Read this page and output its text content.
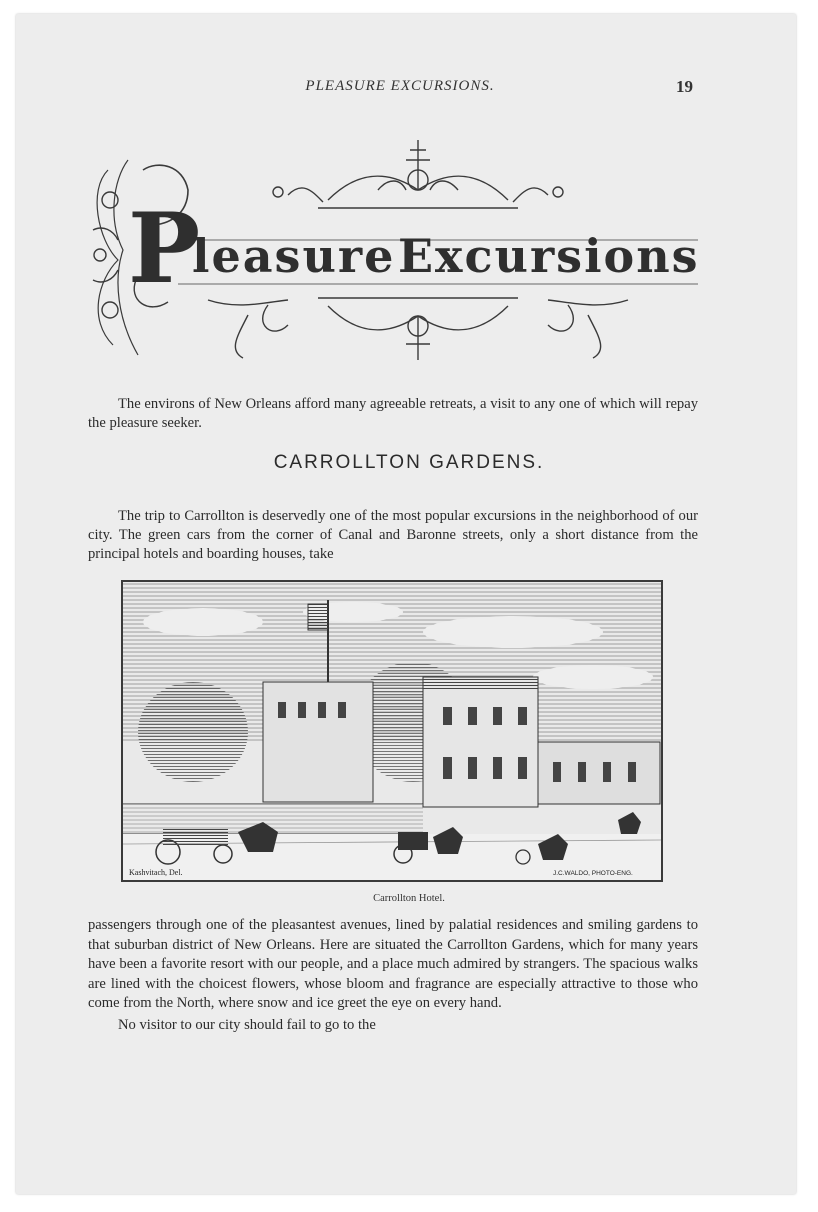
PLEASURE EXCURSIONS.	19
P
leasure Excursions

The environs of New Orleans afford many agreeable retreats, a visit to any one of which will repay the pleasure seeker.

CARROLLTON GARDENS.

The trip to Carrollton is deservedly one of the most popular excursions in the neighborhood of our city. The green cars from the corner of Canal and Baronne streets, only a short distance from the principal hotels and boarding houses, take

Kashvitach, Del.	J.C.WALDO, PHOTO-ENG.
Carrollton Hotel.

passengers through one of the pleasantest avenues, lined by palatial residences and smiling gardens to that suburban district of New Orleans. Here are situated the Carrollton Gardens, which for many years have been a favorite resort with our people, and a place much admired by strangers. The spacious walks are lined with the choicest flowers, whose bloom and fragrance are especially attractive to those who come from the North, where snow and ice greet the eye on every hand.

No visitor to our city should fail to go to the
